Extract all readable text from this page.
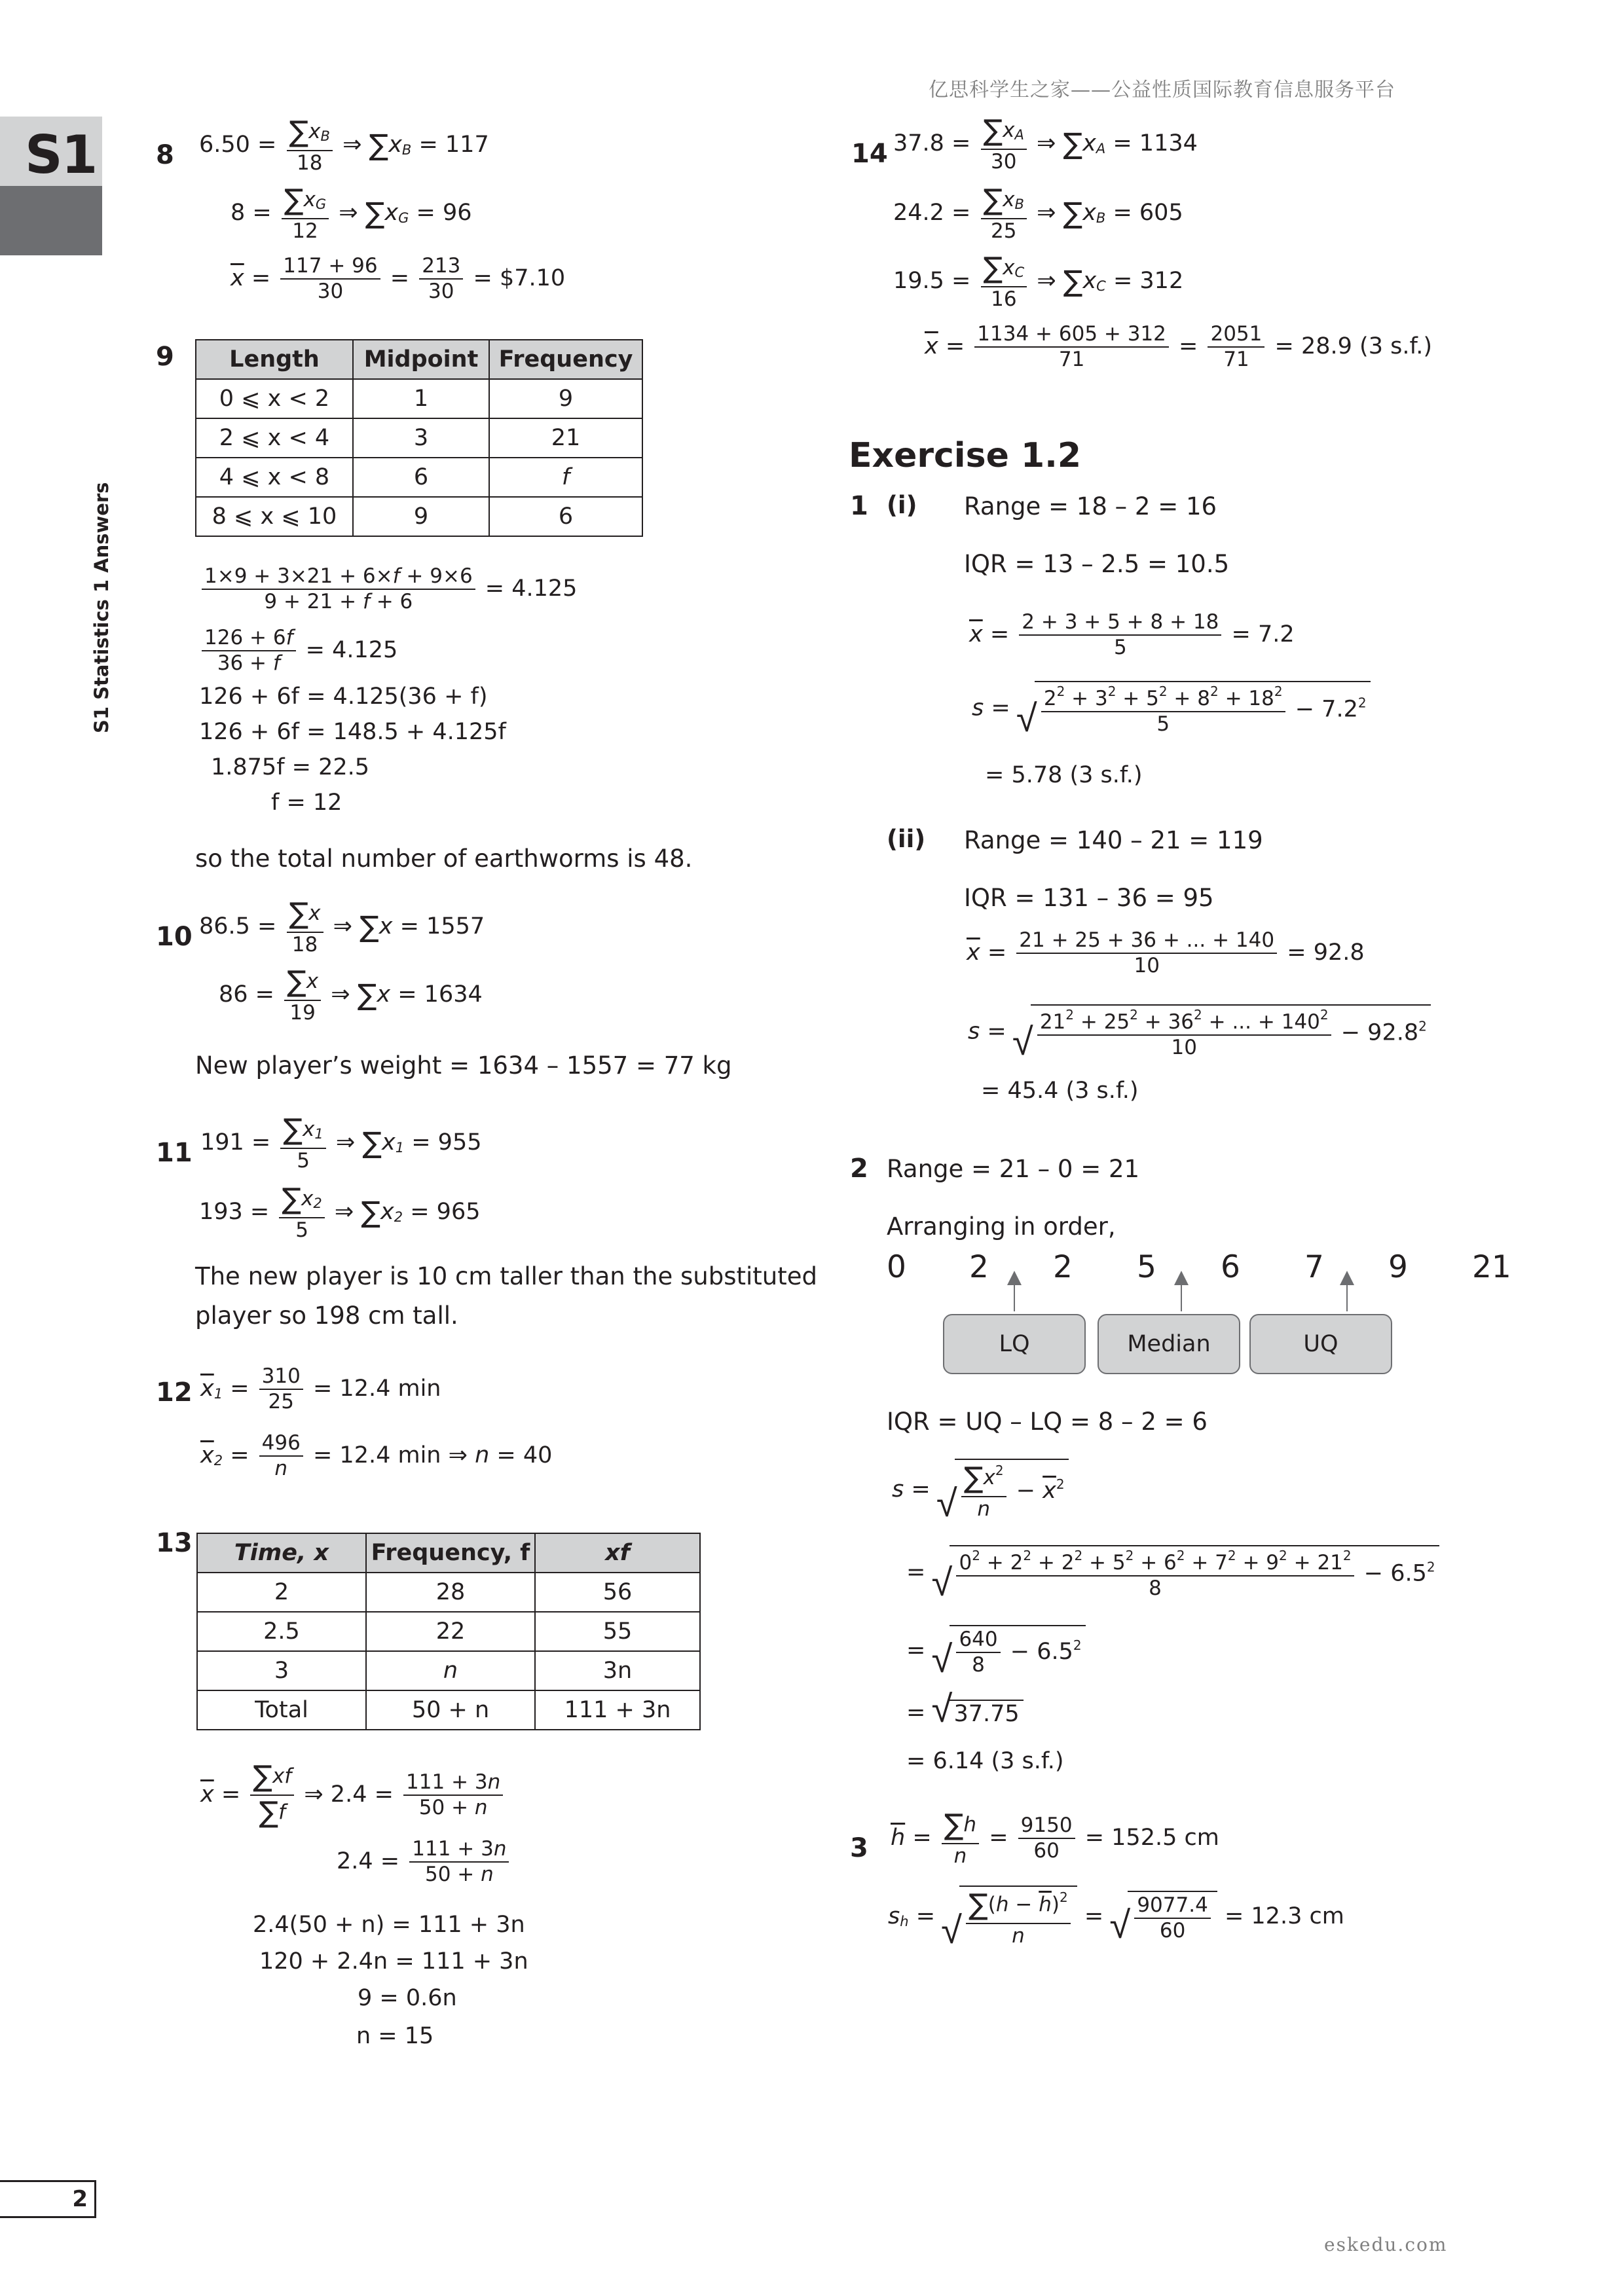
亿思科学生之家——公益性质国际教育信息服务平台
S1
S1 Statistics 1 Answers
2
eskedu.com
8 $6.50 = \frac{\sum xB}{18}$ ⇒ ∑xB = 117
$8 = \frac{\sum xG}{12}$ ⇒ ∑xG = 96
$\overline{x} = \frac{117 + 96}{30} = \frac{213}{30}$ = $7.10
9 Length	Midpoint	Frequency
0 ⩽ x < 2	1	9
2 ⩽ x < 4	3	21
4 ⩽ x < 8	6	f
8 ⩽ x ⩽ 10	9	6
$\frac{1\times 9 + 3\times 21 + 6\times f + 9\times 6}{9 + 21 + f + 6} = 4.125$
$\frac{126 + 6f}{36 + f} = 4.125$
126 + 6f = 4.125(36 + f)
126 + 6f = 148.5 + 4.125f
1.875f = 22.5
f = 12
so the total number of earthworms is 48.
10 $86.5 = \frac{\sum x}{18}$ ⇒ ∑x = 1557
$86 = \frac{\sum x}{19}$ ⇒ ∑x = 1634
New player’s weight = 1634 – 1557 = 77 kg
11 $191 = \frac{\sum x1}{5}$ ⇒ ∑x1 = 955
$193 = \frac{\sum x2}{5}$ ⇒ ∑x2 = 965
The new player is 10 cm taller than the substituted
player so 198 cm tall.
12 $\overline{x}1 = \frac{310}{25} = 12.4$ min
$\overline{x}2 = \frac{496}{n} = 12.4$ min ⇒ n = 40
13 Time, x	Frequency, f	xf
2	28	56
2.5	22	55
3	n	3n
Total	50 + n	111 + 3n
$\overline{x} = \frac{\sum xf}{\sum f}$ ⇒ $2.4 = \frac{111 + 3n}{50 + n}$
$2.4 = \frac{111 + 3n}{50 + n}$
2.4(50 + n) = 111 + 3n
120 + 2.4n = 111 + 3n
9 = 0.6n
n = 15
14 $37.8 = \frac{\sum xA}{30}$ ⇒ ∑xA = 1134
$24.2 = \frac{\sum xB}{25}$ ⇒ ∑xB = 605
$19.5 = \frac{\sum xC}{16}$ ⇒ ∑xC = 312
$\overline{x} = \frac{1134 + 605 + 312}{71} = \frac{2051}{71} = 28.9$ (3 s.f.)
Exercise 1.2
1 (i) Range = 18 – 2 = 16
IQR = 13 – 2.5 = 10.5
$\overline{x} = \frac{2 + 3 + 5 + 8 + 18}{5} = 7.2$
s = √ $\frac{2^2 + 3^2 + 5^2 + 8^2 + 18^2}{5} - 7.2^2$
= 5.78 (3 s.f.)
(ii) Range = 140 – 21 = 119
IQR = 131 – 36 = 95
$\overline{x} = \frac{21 + 25 + 36 + ... + 140}{10} = 92.8$
s = √ $\frac{21^2 + 25^2 + 36^2 + ... + 140^2}{10} - 92.8^2$
= 45.4 (3 s.f.)
2 Range = 21 – 0 = 21
Arranging in order,
0 2 2 5 6 7 9 21
LQ	Median	UQ
IQR = UQ – LQ = 8 – 2 = 6
s = √ $\frac{\sum x^2}{n} - \overline{x}^2$
= √ $\frac{0^2 + 2^2 + 2^2 + 5^2 + 6^2 + 7^2 + 9^2 + 21^2}{8} - 6.5^2$
= √ $\frac{640}{8} - 6.5^2$
= √ 37.75
= 6.14 (3 s.f.)
3 $\overline{h} = \frac{\sum h}{n} = \frac{9150}{60} = 152.5$ cm
sh = √ $\frac{\sum(h - \overline{h})^2}{n}$ = √ $\frac{9077.4}{60} = 12.3$ cm
